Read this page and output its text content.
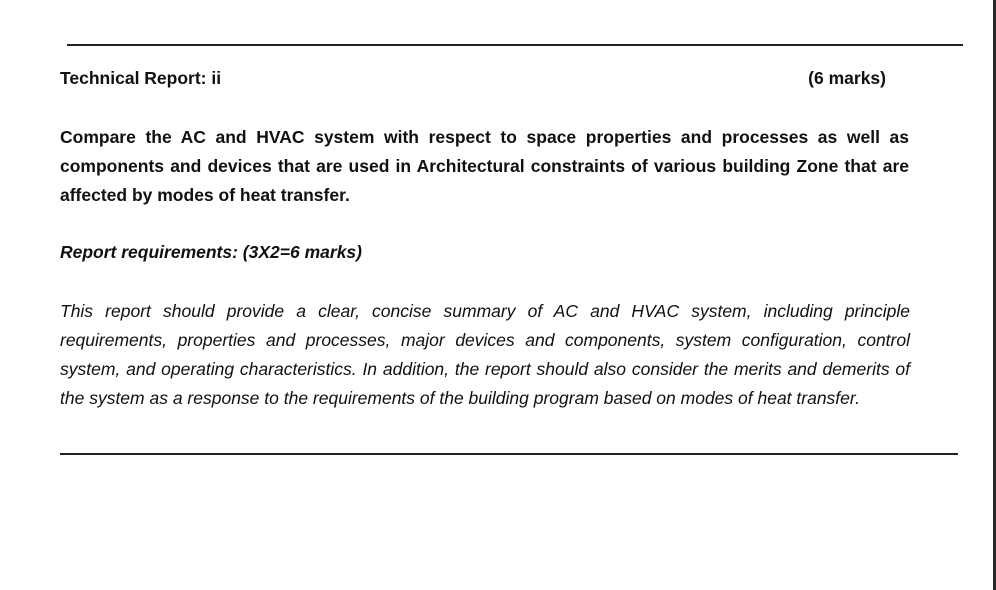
Technical Report: ii	(6 marks)

Compare the AC and HVAC system with respect to space properties and processes as well as components and devices that are used in Architectural constraints of various building Zone that are affected by modes of heat transfer.

Report requirements: (3X2=6 marks)

This report should provide a clear, concise summary of AC and HVAC system, including principle requirements, properties and processes, major devices and components, system configuration, control system, and operating characteristics. In addition, the report should also consider the merits and demerits of the system as a response to the requirements of the building program based on modes of heat transfer.
